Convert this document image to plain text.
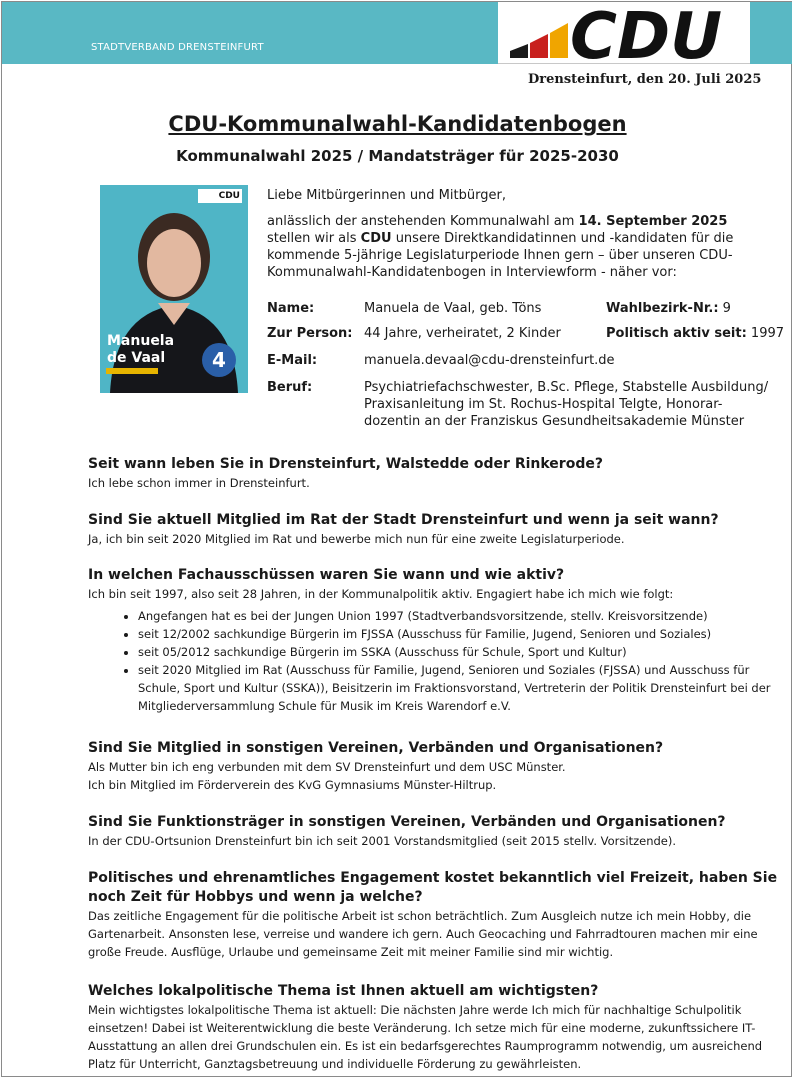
STADTVERBAND DRENSTEINFURT	CDU
Drensteinfurt, den 20. Juli 2025
CDU-Kommunalwahl-Kandidatenbogen
Kommunalwahl 2025 / Mandatsträger für 2025-2030
CDU
Manuela
de Vaal	4
Liebe Mitbürgerinnen und Mitbürger,
anlässlich der anstehenden Kommunalwahl am 14. September 2025 stellen wir als CDU unsere Direktkandidatinnen und -kandidaten für die kommende 5-jährige Legislaturperiode Ihnen gern – über unseren CDU-Kommunalwahl-Kandidatenbogen in Interviewform - näher vor:
Name:	Manuela de Vaal, geb. Töns	Wahlbezirk-Nr.: 9
Zur Person: 44 Jahre, verheiratet, 2 Kinder	Politisch aktiv seit: 1997
E-Mail:	manuela.devaal@cdu-drensteinfurt.de
Beruf:	Psychiatriefachschwester, B.Sc. Pflege, Stabstelle Ausbildung/
Praxisanleitung im St. Rochus-Hospital Telgte, Honorar-
dozentin an der Franziskus Gesundheitsakademie Münster

Seit wann leben Sie in Drensteinfurt, Walstedde oder Rinkerode?

Ich lebe schon immer in Drensteinfurt.

Sind Sie aktuell Mitglied im Rat der Stadt Drensteinfurt und wenn ja seit wann?

Ja, ich bin seit 2020 Mitglied im Rat und bewerbe mich nun für eine zweite Legislaturperiode.

In welchen Fachausschüssen waren Sie wann und wie aktiv?

Ich bin seit 1997, also seit 28 Jahren, in der Kommunalpolitik aktiv. Engagiert habe ich mich wie folgt:

• Angefangen hat es bei der Jungen Union 1997 (Stadtverbandsvorsitzende, stellv. Kreisvorsitzende)
• seit 12/2002 sachkundige Bürgerin im FJSSA (Ausschuss für Familie, Jugend, Senioren und Soziales)
• seit 05/2012 sachkundige Bürgerin im SSKA (Ausschuss für Schule, Sport und Kultur)
• seit 2020 Mitglied im Rat (Ausschuss für Familie, Jugend, Senioren und Soziales (FJSSA) und Ausschuss für Schule, Sport und Kultur (SSKA)), Beisitzerin im Fraktionsvorstand, Vertreterin der Politik Drensteinfurt bei der Mitgliederversammlung Schule für Musik im Kreis Warendorf e.V.

Sind Sie Mitglied in sonstigen Vereinen, Verbänden und Organisationen?

Als Mutter bin ich eng verbunden mit dem SV Drensteinfurt und dem USC Münster.

Ich bin Mitglied im Förderverein des KvG Gymnasiums Münster-Hiltrup.

Sind Sie Funktionsträger in sonstigen Vereinen, Verbänden und Organisationen?

In der CDU-Ortsunion Drensteinfurt bin ich seit 2001 Vorstandsmitglied (seit 2015 stellv. Vorsitzende).

Politisches und ehrenamtliches Engagement kostet bekanntlich viel Freizeit, haben Sie noch Zeit für Hobbys und wenn ja welche?

Das zeitliche Engagement für die politische Arbeit ist schon beträchtlich. Zum Ausgleich nutze ich mein Hobby, die Gartenarbeit. Ansonsten lese, verreise und wandere ich gern. Auch Geocaching und Fahrradtouren machen mir eine große Freude. Ausflüge, Urlaube und gemeinsame Zeit mit meiner Familie sind mir wichtig.

Welches lokalpolitische Thema ist Ihnen aktuell am wichtigsten?

Mein wichtigstes lokalpolitische Thema ist aktuell: Die nächsten Jahre werde Ich mich für nachhaltige Schulpolitik einsetzen! Dabei ist Weiterentwicklung die beste Veränderung. Ich setze mich für eine moderne, zukunftssichere IT-Ausstattung an allen drei Grundschulen ein. Es ist ein bedarfsgerechtes Raumprogramm notwendig, um ausreichend Platz für Unterricht, Ganztagsbetreuung und individuelle Förderung zu gewährleisten.
